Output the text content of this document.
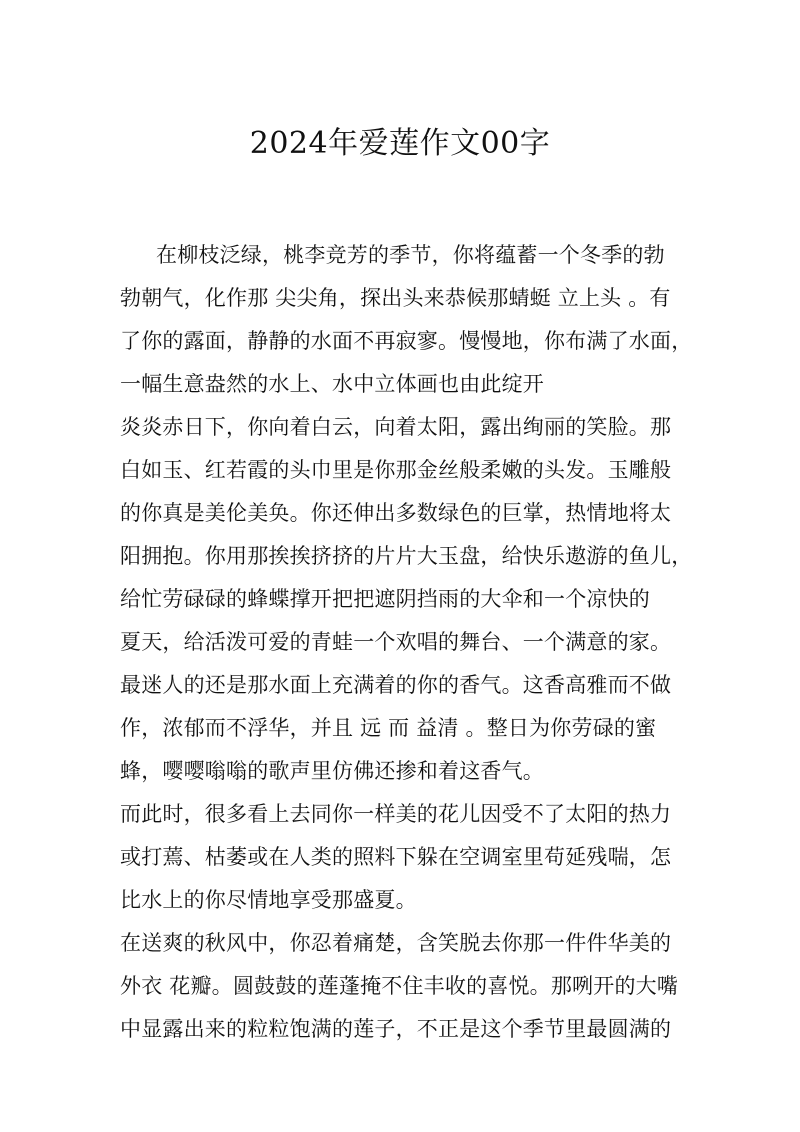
2024年爱莲作文00字
在柳枝泛绿，桃李竞芳的季节，你将蕴蓄一个冬季的勃
勃朝气，化作那 尖尖角，探出头来恭候那蜻蜓 立上头 。有
了你的露面，静静的水面不再寂寥。慢慢地，你布满了水面，
一幅生意盎然的水上、水中立体画也由此绽开
炎炎赤日下，你向着白云，向着太阳，露出绚丽的笑脸。那
白如玉、红若霞的头巾里是你那金丝般柔嫩的头发。玉雕般
的你真是美伦美奂。你还伸出多数绿色的巨掌，热情地将太
阳拥抱。你用那挨挨挤挤的片片大玉盘，给快乐遨游的鱼儿，
给忙劳碌碌的蜂蝶撑开把把遮阴挡雨的大伞和一个凉快的
夏天，给活泼可爱的青蛙一个欢唱的舞台、一个满意的家。
最迷人的还是那水面上充满着的你的香气。这香高雅而不做
作，浓郁而不浮华，并且 远 而 益清 。整日为你劳碌的蜜
蜂，嘤嘤嗡嗡的歌声里仿佛还掺和着这香气。
而此时，很多看上去同你一样美的花儿因受不了太阳的热力
或打蔫、枯萎或在人类的照料下躲在空调室里苟延残喘，怎
比水上的你尽情地享受那盛夏。
在送爽的秋风中，你忍着痛楚，含笑脱去你那一件件华美的
外衣 花瓣。圆鼓鼓的莲蓬掩不住丰收的喜悦。那咧开的大嘴
中显露出来的粒粒饱满的莲子，不正是这个季节里最圆满的
